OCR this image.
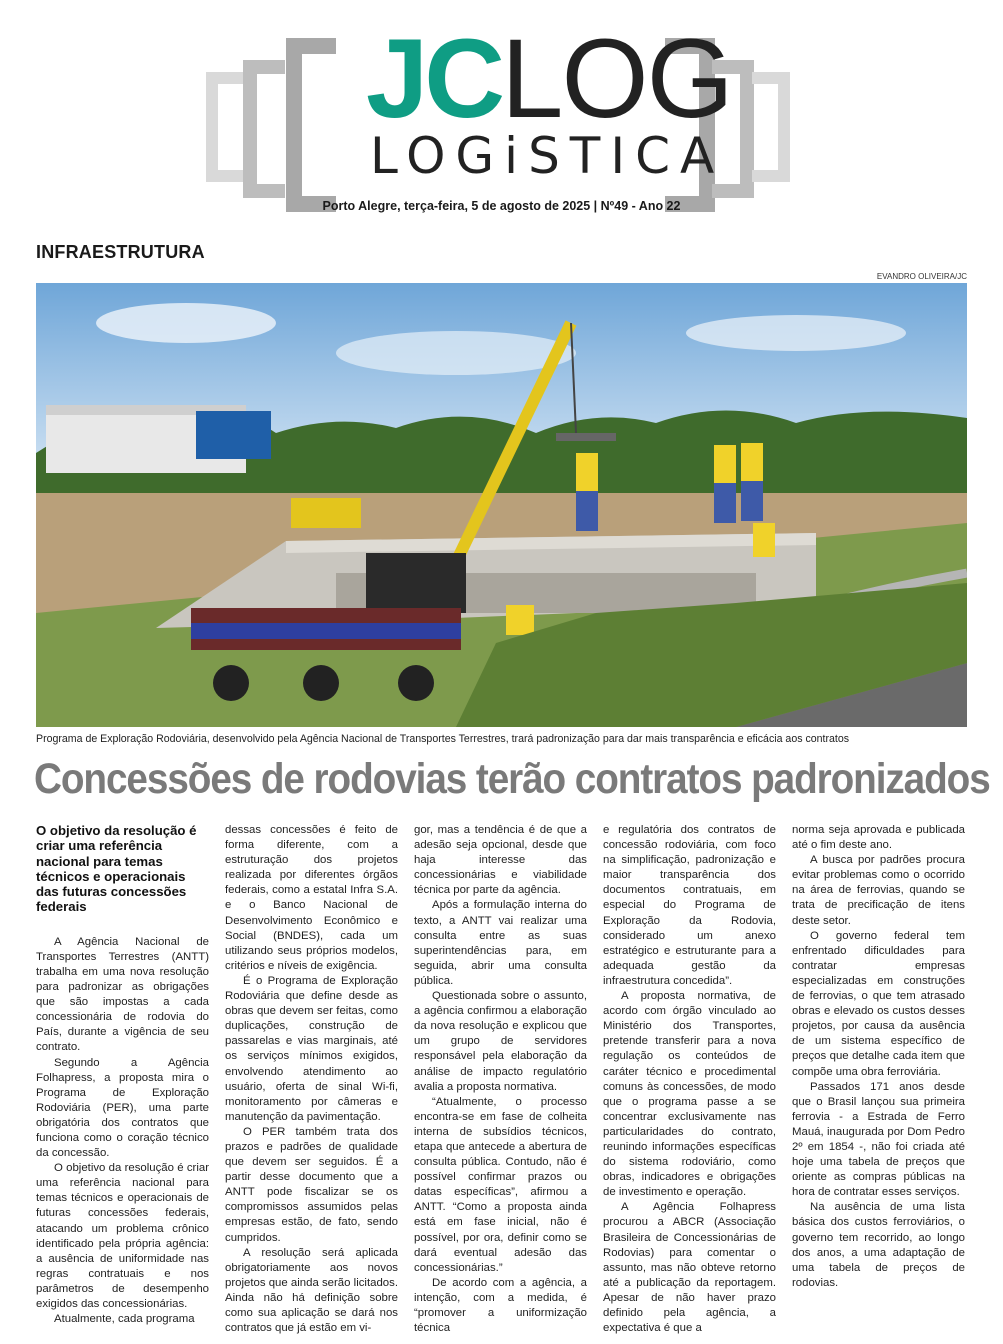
JCLOG
LOGiSTICA
Porto Alegre, terça-feira, 5 de agosto de 2025 | Nº49 - Ano 22
INFRAESTRUTURA
EVANDRO OLIVEIRA/JC
Programa de Exploração Rodoviária, desenvolvido pela Agência Nacional de Transportes Terrestres, trará padronização para dar mais transparência e eficácia aos contratos
Concessões de rodovias terão contratos padronizados

O objetivo da resolução é criar uma referência nacional para temas técnicos e operacionais das futuras concessões federais

A Agência Nacional de Transportes Terrestres (ANTT) trabalha em uma nova resolução para padronizar as obrigações que são impostas a cada concessionária de rodovia do País, durante a vigência de seu contrato.

Segundo a Agência Folhapress, a proposta mira o Programa de Exploração Rodoviária (PER), uma parte obrigatória dos contratos que funciona como o coração técnico da concessão.

O objetivo da resolução é criar uma referência nacional para temas técnicos e operacionais de futuras concessões federais, atacando um problema crônico identificado pela própria agência: a ausência de uniformidade nas regras contratuais e nos parâmetros de desempenho exigidos das concessionárias.

Atualmente, cada programa

dessas concessões é feito de forma diferente, com a estruturação dos projetos realizada por diferentes órgãos federais, como a estatal Infra S.A. e o Banco Nacional de Desenvolvimento Econômico e Social (BNDES), cada um utilizando seus próprios modelos, critérios e níveis de exigência.

É o Programa de Exploração Rodoviária que define desde as obras que devem ser feitas, como duplicações, construção de passarelas e vias marginais, até os serviços mínimos exigidos, envolvendo atendimento ao usuário, oferta de sinal Wi-fi, monitoramento por câmeras e manutenção da pavimentação.

O PER também trata dos prazos e padrões de qualidade que devem ser seguidos. É a partir desse documento que a ANTT pode fiscalizar se os compromissos assumidos pelas empresas estão, de fato, sendo cumpridos.

A resolução será aplicada obrigatoriamente aos novos projetos que ainda serão licitados. Ainda não há definição sobre como sua aplicação se dará nos contratos que já estão em vi-

gor, mas a tendência é de que a adesão seja opcional, desde que haja interesse das concessionárias e viabilidade técnica por parte da agência.

Após a formulação interna do texto, a ANTT vai realizar uma consulta entre as suas superintendências para, em seguida, abrir uma consulta pública.

Questionada sobre o assunto, a agência confirmou a elaboração da nova resolução e explicou que um grupo de servidores responsável pela elaboração da análise de impacto regulatório avalia a proposta normativa.

“Atualmente, o processo encontra-se em fase de colheita interna de subsídios técnicos, etapa que antecede a abertura de consulta pública. Contudo, não é possível confirmar prazos ou datas específicas”, afirmou a ANTT. “Como a proposta ainda está em fase inicial, não é possível, por ora, definir como se dará eventual adesão das concessionárias.”

De acordo com a agência, a intenção, com a medida, é “promover a uniformização técnica

e regulatória dos contratos de concessão rodoviária, com foco na simplificação, padronização e maior transparência dos documentos contratuais, em especial do Programa de Exploração da Rodovia, considerado um anexo estratégico e estruturante para a adequada gestão da infraestrutura concedida”.

A proposta normativa, de acordo com órgão vinculado ao Ministério dos Transportes, pretende transferir para a nova regulação os conteúdos de caráter técnico e procedimental comuns às concessões, de modo que o programa passe a se concentrar exclusivamente nas particularidades do contrato, reunindo informações específicas do sistema rodoviário, como obras, indicadores e obrigações de investimento e operação.

A Agência Folhapress procurou a ABCR (Associação Brasileira de Concessionárias de Rodovias) para comentar o assunto, mas não obteve retorno até a publicação da reportagem. Apesar de não haver prazo definido pela agência, a expectativa é que a

norma seja aprovada e publicada até o fim deste ano.

A busca por padrões procura evitar problemas como o ocorrido na área de ferrovias, quando se trata de precificação de itens deste setor.

O governo federal tem enfrentado dificuldades para contratar empresas especializadas em construções de ferrovias, o que tem atrasado obras e elevado os custos desses projetos, por causa da ausência de um sistema específico de preços que detalhe cada item que compõe uma obra ferroviária.

Passados 171 anos desde que o Brasil lançou sua primeira ferrovia - a Estrada de Ferro Mauá, inaugurada por Dom Pedro 2º em 1854 -, não foi criada até hoje uma tabela de preços que oriente as compras públicas na hora de contratar esses serviços.

Na ausência de uma lista básica dos custos ferroviários, o governo tem recorrido, ao longo dos anos, a uma adaptação de uma tabela de preços de rodovias.
